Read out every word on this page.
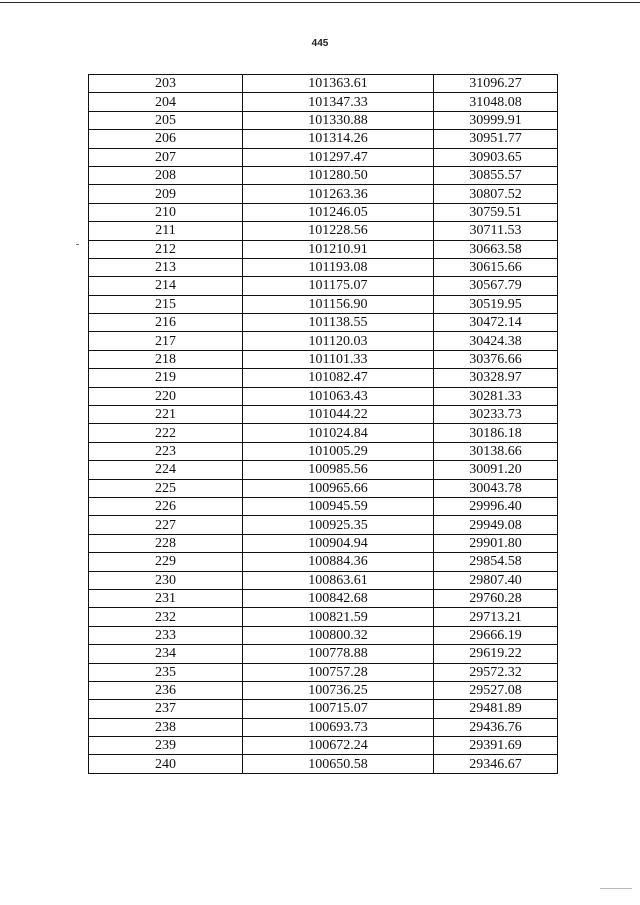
445
203	101363.61	31096.27
204	101347.33	31048.08
205	101330.88	30999.91
206	101314.26	30951.77
207	101297.47	30903.65
208	101280.50	30855.57
209	101263.36	30807.52
210	101246.05	30759.51
211	101228.56	30711.53
212	101210.91	30663.58
213	101193.08	30615.66
214	101175.07	30567.79
215	101156.90	30519.95
216	101138.55	30472.14
217	101120.03	30424.38
218	101101.33	30376.66
219	101082.47	30328.97
220	101063.43	30281.33
221	101044.22	30233.73
222	101024.84	30186.18
223	101005.29	30138.66
224	100985.56	30091.20
225	100965.66	30043.78
226	100945.59	29996.40
227	100925.35	29949.08
228	100904.94	29901.80
229	100884.36	29854.58
230	100863.61	29807.40
231	100842.68	29760.28
232	100821.59	29713.21
233	100800.32	29666.19
234	100778.88	29619.22
235	100757.28	29572.32
236	100736.25	29527.08
237	100715.07	29481.89
238	100693.73	29436.76
239	100672.24	29391.69
240	100650.58	29346.67
